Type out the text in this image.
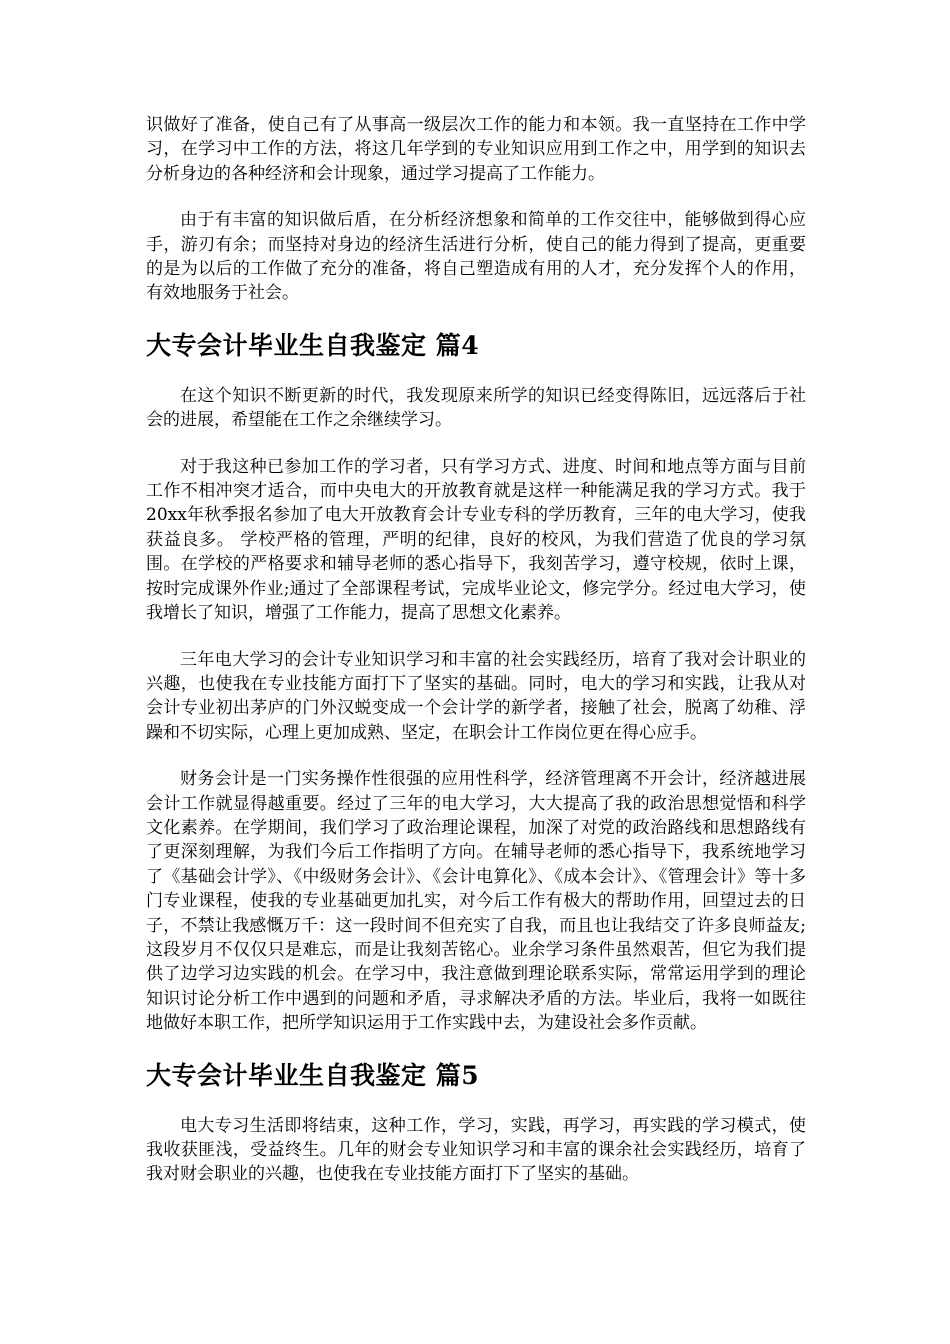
识做好了准备，使自己有了从事高一级层次工作的能力和本领。我一直坚持在工作中学习，在学习中工作的方法，将这几年学到的专业知识应用到工作之中，用学到的知识去分析身边的各种经济和会计现象，通过学习提高了工作能力。

由于有丰富的知识做后盾，在分析经济想象和简单的工作交往中，能够做到得心应手，游刃有余；而坚持对身边的经济生活进行分析，使自己的能力得到了提高，更重要的是为以后的工作做了充分的准备，将自己塑造成有用的人才，充分发挥个人的作用，有效地服务于社会。

大专会计毕业生自我鉴定 篇4

在这个知识不断更新的时代，我发现原来所学的知识已经变得陈旧，远远落后于社会的进展，希望能在工作之余继续学习。

对于我这种已参加工作的学习者，只有学习方式、进度、时间和地点等方面与目前工作不相冲突才适合，而中央电大的开放教育就是这样一种能满足我的学习方式。我于20xx年秋季报名参加了电大开放教育会计专业专科的学历教育，三年的电大学习，使我获益良多。 学校严格的管理，严明的纪律，良好的校风，为我们营造了优良的学习氛围。在学校的严格要求和辅导老师的悉心指导下，我刻苦学习，遵守校规，依时上课，按时完成课外作业;通过了全部课程考试，完成毕业论文，修完学分。经过电大学习，使我增长了知识，增强了工作能力，提高了思想文化素养。

三年电大学习的会计专业知识学习和丰富的社会实践经历，培育了我对会计职业的兴趣，也使我在专业技能方面打下了坚实的基础。同时，电大的学习和实践，让我从对会计专业初出茅庐的门外汉蜕变成一个会计学的新学者，接触了社会，脱离了幼稚、浮躁和不切实际，心理上更加成熟、坚定，在职会计工作岗位更在得心应手。

财务会计是一门实务操作性很强的应用性科学，经济管理离不开会计，经济越进展会计工作就显得越重要。经过了三年的电大学习，大大提高了我的政治思想觉悟和科学文化素养。在学期间，我们学习了政治理论课程，加深了对党的政治路线和思想路线有了更深刻理解，为我们今后工作指明了方向。在辅导老师的悉心指导下，我系统地学习了《基础会计学》、《中级财务会计》、《会计电算化》、《成本会计》、《管理会计》等十多门专业课程，使我的专业基础更加扎实，对今后工作有极大的帮助作用，回望过去的日子，不禁让我感慨万千：这一段时间不但充实了自我，而且也让我结交了许多良师益友;这段岁月不仅仅只是难忘，而是让我刻苦铭心。业余学习条件虽然艰苦，但它为我们提供了边学习边实践的机会。在学习中，我注意做到理论联系实际，常常运用学到的理论知识讨论分析工作中遇到的问题和矛盾，寻求解决矛盾的方法。毕业后，我将一如既往地做好本职工作，把所学知识运用于工作实践中去，为建设社会多作贡献。

大专会计毕业生自我鉴定 篇5

电大专习生活即将结束，这种工作，学习，实践，再学习，再实践的学习模式，使我收获匪浅，受益终生。几年的财会专业知识学习和丰富的课余社会实践经历，培育了我对财会职业的兴趣，也使我在专业技能方面打下了坚实的基础。
